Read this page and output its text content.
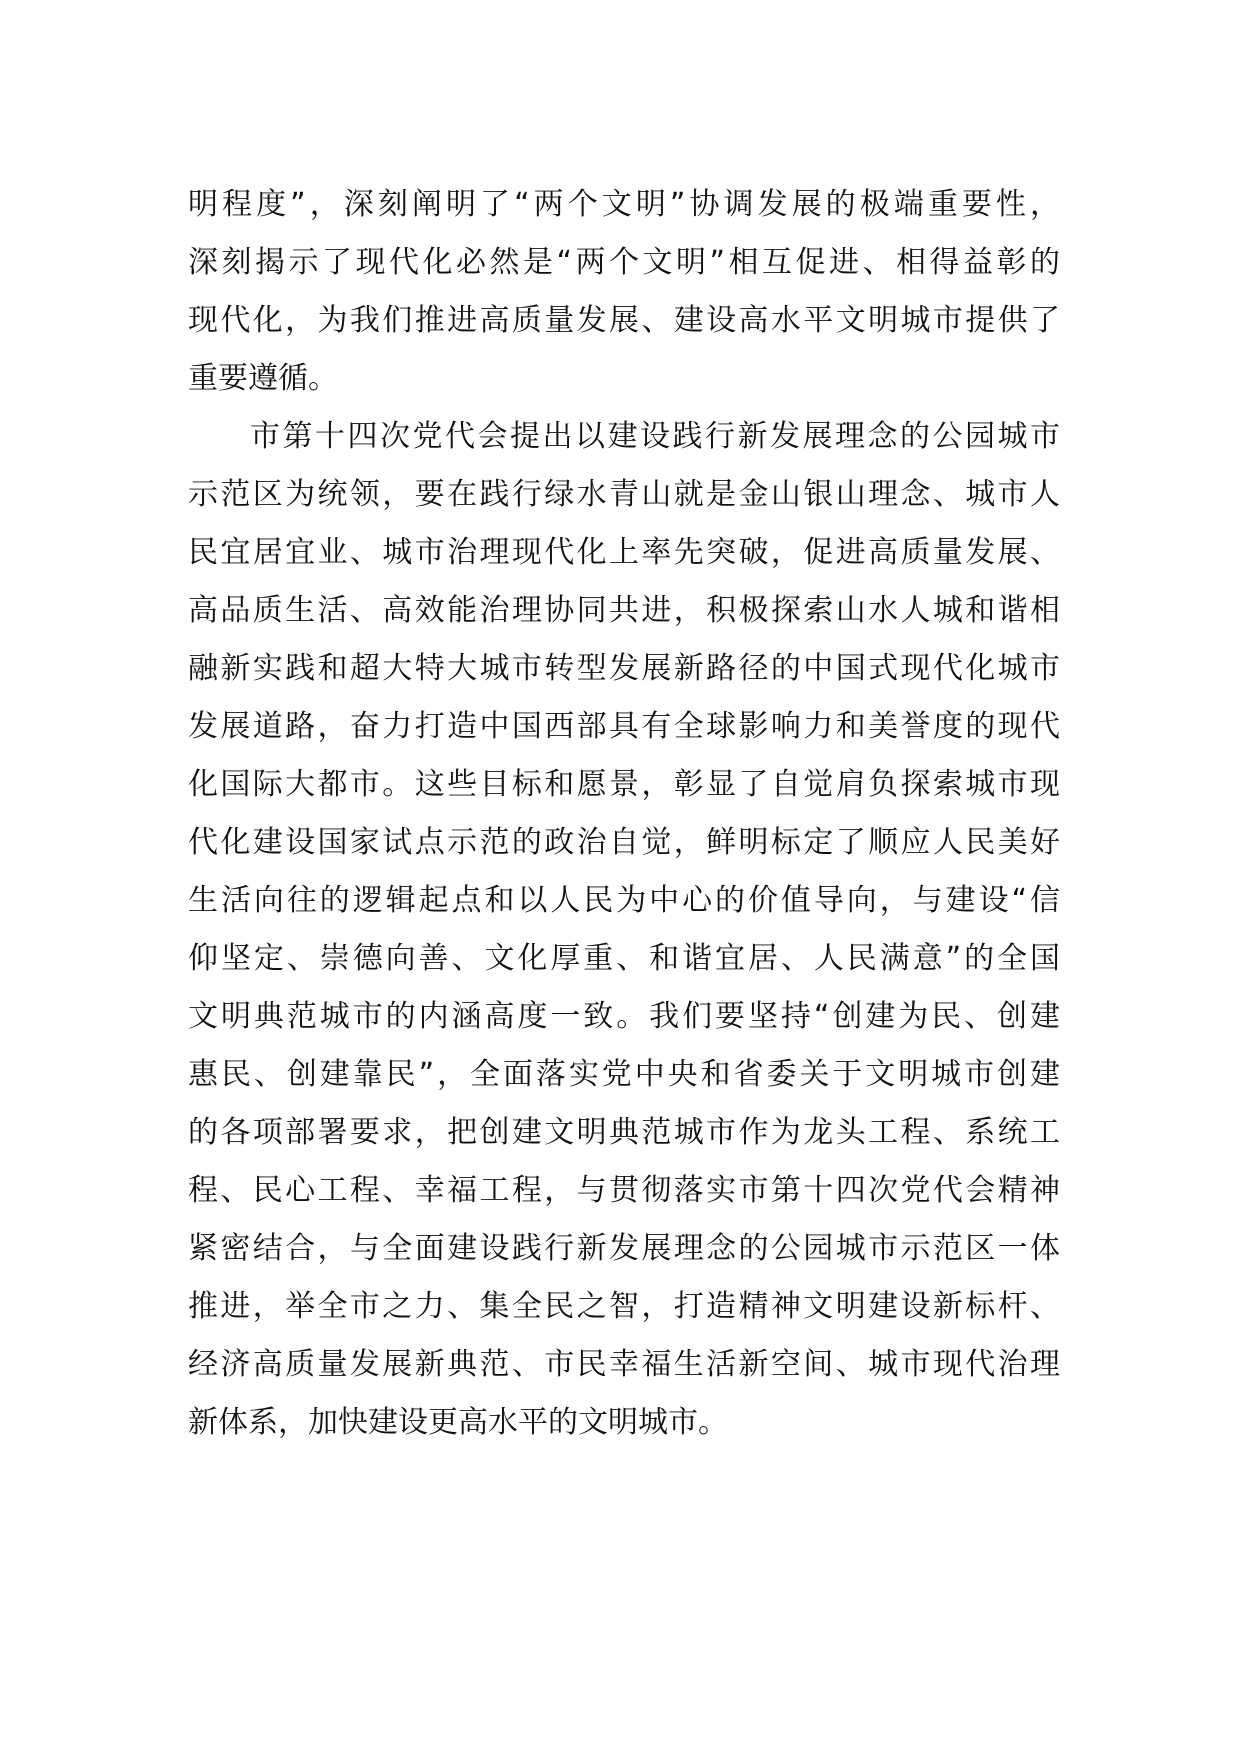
明程度”，深刻阐明了“两个文明”协调发展的极端重要性，
深刻揭示了现代化必然是“两个文明”相互促进、相得益彰的
现代化，为我们推进高质量发展、建设高水平文明城市提供了
重要遵循。
市第十四次党代会提出以建设践行新发展理念的公园城市
示范区为统领，要在践行绿水青山就是金山银山理念、城市人
民宜居宜业、城市治理现代化上率先突破，促进高质量发展、
高品质生活、高效能治理协同共进，积极探索山水人城和谐相
融新实践和超大特大城市转型发展新路径的中国式现代化城市
发展道路，奋力打造中国西部具有全球影响力和美誉度的现代
化国际大都市。这些目标和愿景，彰显了自觉肩负探索城市现
代化建设国家试点示范的政治自觉，鲜明标定了顺应人民美好
生活向往的逻辑起点和以人民为中心的价值导向，与建设“信
仰坚定、崇德向善、文化厚重、和谐宜居、人民满意”的全国
文明典范城市的内涵高度一致。我们要坚持“创建为民、创建
惠民、创建靠民”，全面落实党中央和省委关于文明城市创建
的各项部署要求，把创建文明典范城市作为龙头工程、系统工
程、民心工程、幸福工程，与贯彻落实市第十四次党代会精神
紧密结合，与全面建设践行新发展理念的公园城市示范区一体
推进，举全市之力、集全民之智，打造精神文明建设新标杆、
经济高质量发展新典范、市民幸福生活新空间、城市现代治理
新体系，加快建设更高水平的文明城市。
